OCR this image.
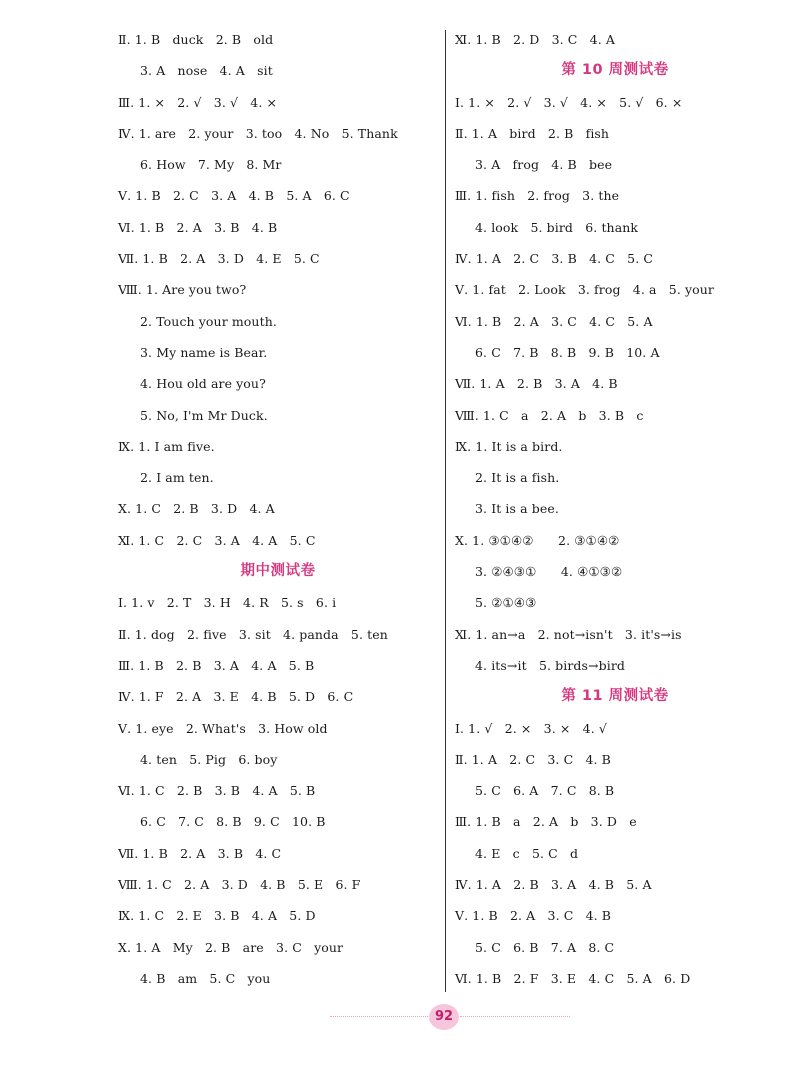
Ⅱ. 1. B   duck   2. B   old
3. A   nose   4. A   sit
Ⅲ. 1. ×   2. √   3. √   4. ×
Ⅳ. 1. are   2. your   3. too   4. No   5. Thank
6. How   7. My   8. Mr
Ⅴ. 1. B   2. C   3. A   4. B   5. A   6. C
Ⅵ. 1. B   2. A   3. B   4. B
Ⅶ. 1. B   2. A   3. D   4. E   5. C
Ⅷ. 1. Are you two?
2. Touch your mouth.
3. My name is Bear.
4. Hou old are you?
5. No, I'm Mr Duck.
Ⅸ. 1. I am five.
2. I am ten.
Ⅹ. 1. C   2. B   3. D   4. A
Ⅺ. 1. C   2. C   3. A   4. A   5. C
期中测试卷
Ⅰ. 1. v   2. T   3. H   4. R   5. s   6. i
Ⅱ. 1. dog   2. five   3. sit   4. panda   5. ten
Ⅲ. 1. B   2. B   3. A   4. A   5. B
Ⅳ. 1. F   2. A   3. E   4. B   5. D   6. C
Ⅴ. 1. eye   2. What's   3. How old
4. ten   5. Pig   6. boy
Ⅵ. 1. C   2. B   3. B   4. A   5. B
6. C   7. C   8. B   9. C   10. B
Ⅶ. 1. B   2. A   3. B   4. C
Ⅷ. 1. C   2. A   3. D   4. B   5. E   6. F
Ⅸ. 1. C   2. E   3. B   4. A   5. D
Ⅹ. 1. A   My   2. B   are   3. C   your
4. B   am   5. C   you
Ⅺ. 1. B   2. D   3. C   4. A
第 10 周测试卷
Ⅰ. 1. ×   2. √   3. √   4. ×   5. √   6. ×
Ⅱ. 1. A   bird   2. B   fish
3. A   frog   4. B   bee
Ⅲ. 1. fish   2. frog   3. the
4. look   5. bird   6. thank
Ⅳ. 1. A   2. C   3. B   4. C   5. C
Ⅴ. 1. fat   2. Look   3. frog   4. a   5. your
Ⅵ. 1. B   2. A   3. C   4. C   5. A
6. C   7. B   8. B   9. B   10. A
Ⅶ. 1. A   2. B   3. A   4. B
Ⅷ. 1. C   a   2. A   b   3. B   c
Ⅸ. 1. It is a bird.
2. It is a fish.
3. It is a bee.
Ⅹ. 1. ③①④②      2. ③①④②
3. ②④③①      4. ④①③②
5. ②①④③
Ⅺ. 1. an→a   2. not→isn't   3. it's→is
4. its→it   5. birds→bird
第 11 周测试卷
Ⅰ. 1. √   2. ×   3. ×   4. √
Ⅱ. 1. A   2. C   3. C   4. B
5. C   6. A   7. C   8. B
Ⅲ. 1. B   a   2. A   b   3. D   e
4. E   c   5. C   d
Ⅳ. 1. A   2. B   3. A   4. B   5. A
Ⅴ. 1. B   2. A   3. C   4. B
5. C   6. B   7. A   8. C
Ⅵ. 1. B   2. F   3. E   4. C   5. A   6. D
92
